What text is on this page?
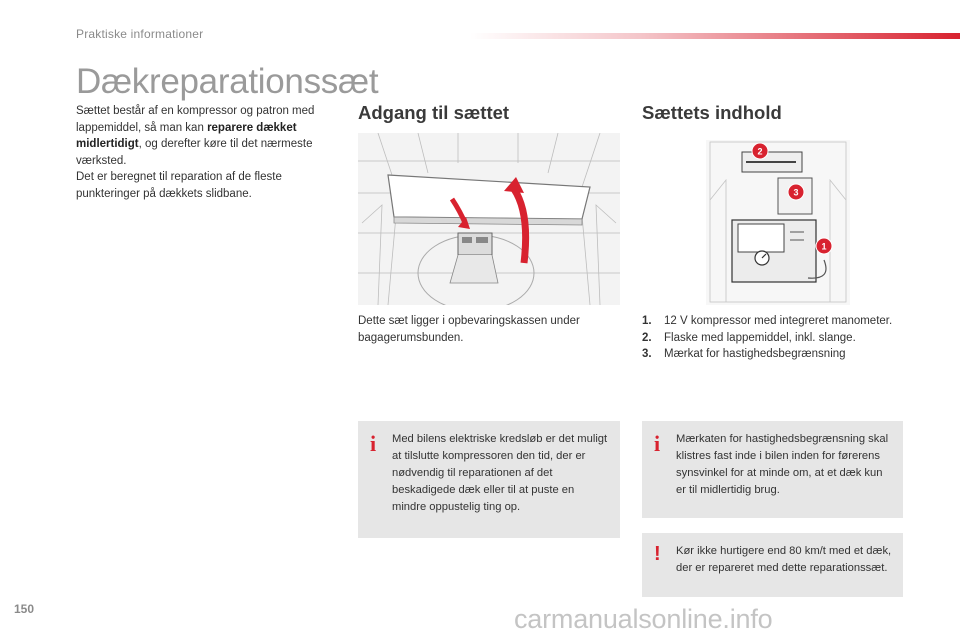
Praktiske informationer
Dækreparationssæt

Sættet består af en kompressor og patron med lappemiddel, så man kan reparere dækket midlertidigt, og derefter køre til det nærmeste værksted.

Det er beregnet til reparation af de fleste punkteringer på dækkets slidbane.

Adgang til sættet	Sættets indhold
2
3
1

Dette sæt ligger i opbevaringskassen under bagagerumsbunden.

1.	12 V kompressor med integreret manometer.
2.	Flaske med lappemiddel, inkl. slange.
3.	Mærkat for hastighedsbegrænsning
i Med bilens elektriske kredsløb er det muligt at tilslutte kompressoren den tid, der er nødvendig til reparationen af det beskadigede dæk eller til at puste en mindre oppustelig ting op.

i Mærkaten for hastighedsbegrænsning skal klistres fast inde i bilen inden for førerens synsvinkel for at minde om, at et dæk kun er til midlertidig brug.

! Kør ikke hurtigere end 80 km/t med et dæk, der er repareret med dette reparationssæt.

150	carmanualsonline.info
